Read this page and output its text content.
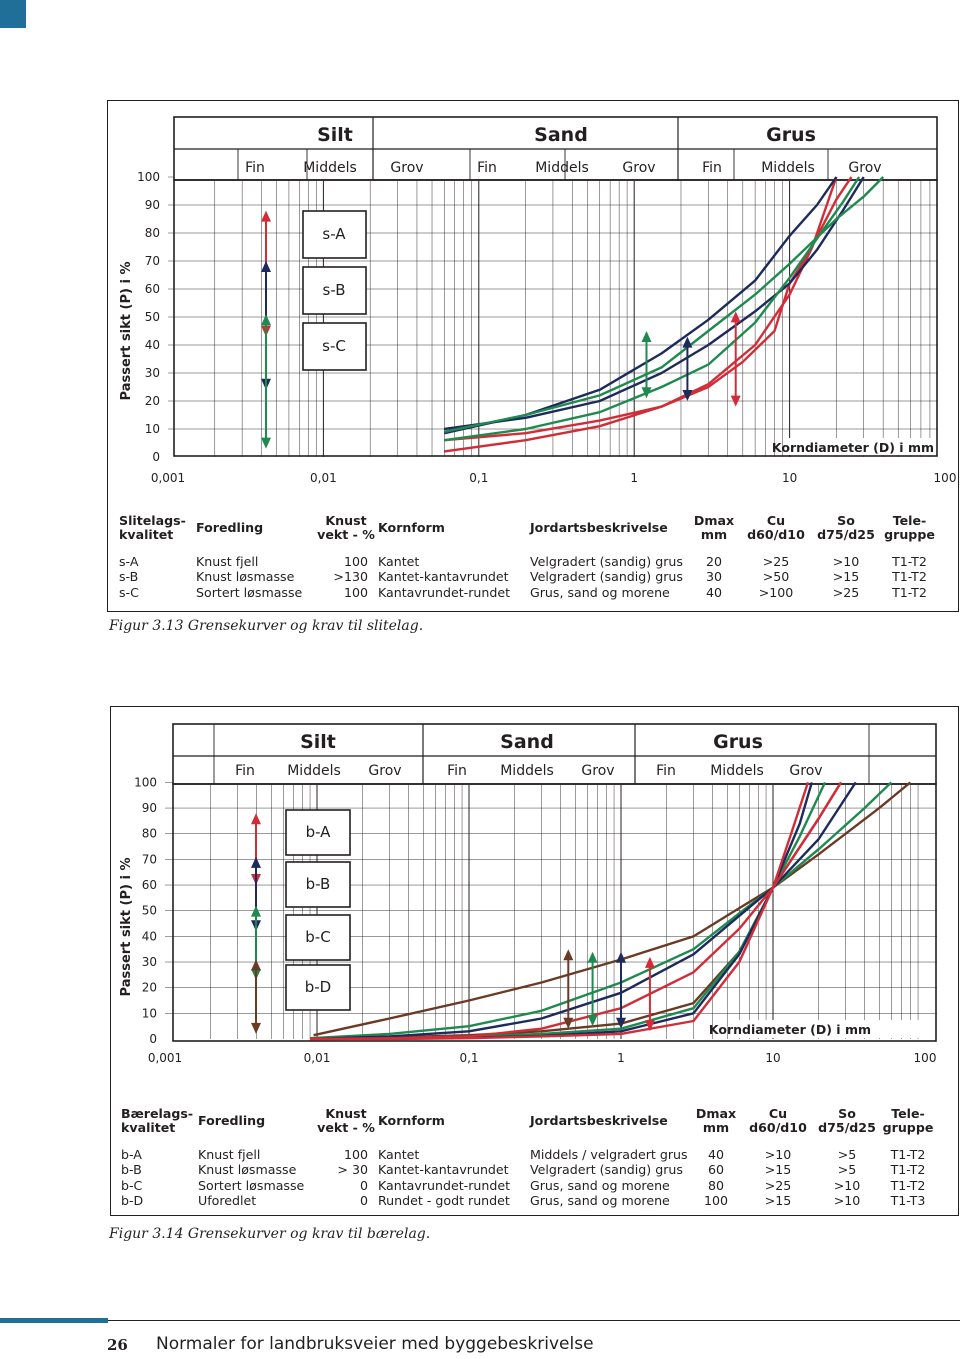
Silt	Sand	Grus
Fin	Middels Grov	Fin	Middels Grov	Fin	Middels Grov
Passert sikt (P) i %
100
90
80
70
60
50
40
30
20
10
0
0,001	0,01	0,1	1	10	100
s-A
s-B
s-C
Korndiameter (D) i mm
Slitelags-
kvalitet	Foredling	Knust
vekt - %	Kornform	Jordartsbeskrivelse	Dmax
mm	Cu
d60/d10	So
d75/d25	Tele-
gruppe

s-A	Knust fjell	100	Kantet	Velgradert (sandig) grus	20	>25	>10	T1-T2
s-B	Knust løsmasse	>130	Kantet-kantavrundet	Velgradert (sandig) grus	30	>50	>15	T1-T2
s-C	Sortert løsmasse	100	Kantavrundet-rundet	Grus, sand og morene	40	>100	>25	T1-T2
Figur 3.13 Grensekurver og krav til slitelag.
Silt	Sand	Grus
Fin Middels Grov	Fin Middels Grov	Fin Middels Grov
Passert sikt (P) i %
100
90
80
70
60
50
40
30
20
10
0
0,001	0,01	0,1	1	10	100
b-A
b-B
b-C
b-D
Korndiameter (D) i mm
Bærelags-
kvalitet	Foredling	Knust
vekt - %	Kornform	Jordartsbeskrivelse	Dmax
mm	Cu
d60/d10	So
d75/d25	Tele-
gruppe

b-A	Knust fjell	100	Kantet	Middels / velgradert grus	40	>10	>5	T1-T2
b-B	Knust løsmasse	> 30	Kantet-kantavrundet	Velgradert (sandig) grus	60	>15	>5	T1-T2
b-C	Sortert løsmasse	0	Kantavrundet-rundet	Grus, sand og morene	80	>25	>10	T1-T2
b-D	Uforedlet	0	Rundet - godt rundet	Grus, sand og morene	100	>15	>10	T1-T3
Figur 3.14 Grensekurver og krav til bærelag.
26 Normaler for landbruksveier med byggebeskrivelse
